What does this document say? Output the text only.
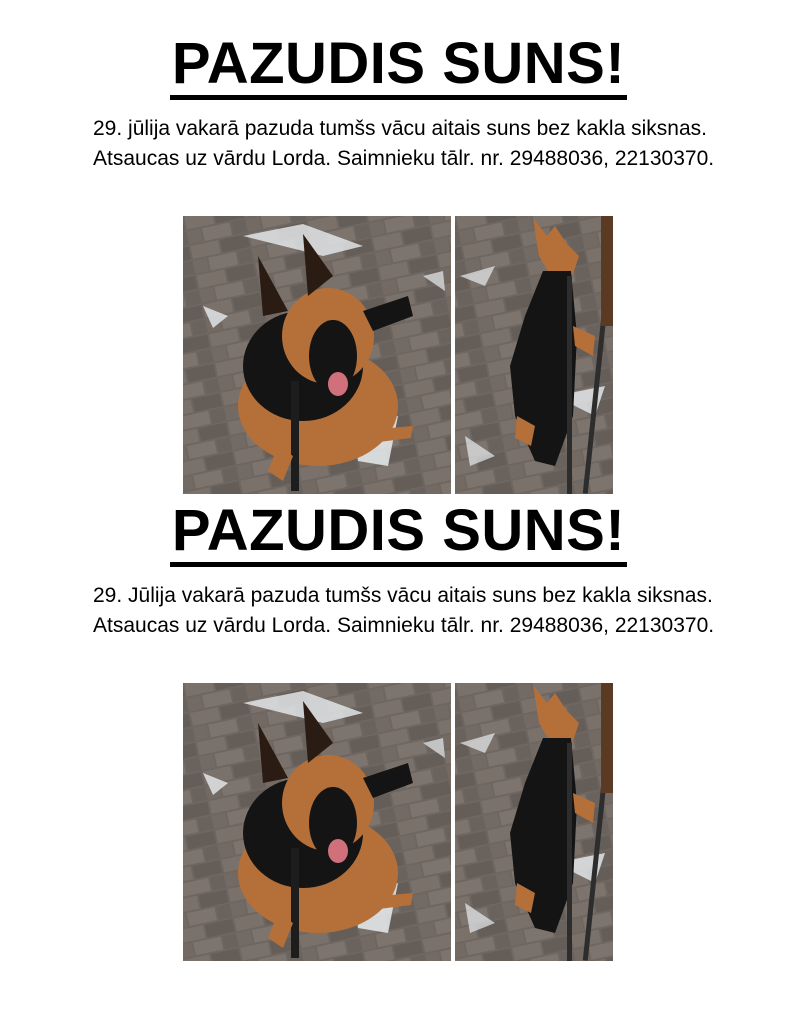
PAZUDIS SUNS!

29. jūlija vakarā pazuda tumšs vācu aitais suns bez kakla siksnas. Atsaucas uz vārdu Lorda. Saimnieku tālr. nr. 29488036, 22130370.

PAZUDIS SUNS!

29. Jūlija vakarā pazuda tumšs vācu aitais suns bez kakla siksnas. Atsaucas uz vārdu Lorda. Saimnieku tālr. nr. 29488036, 22130370.
